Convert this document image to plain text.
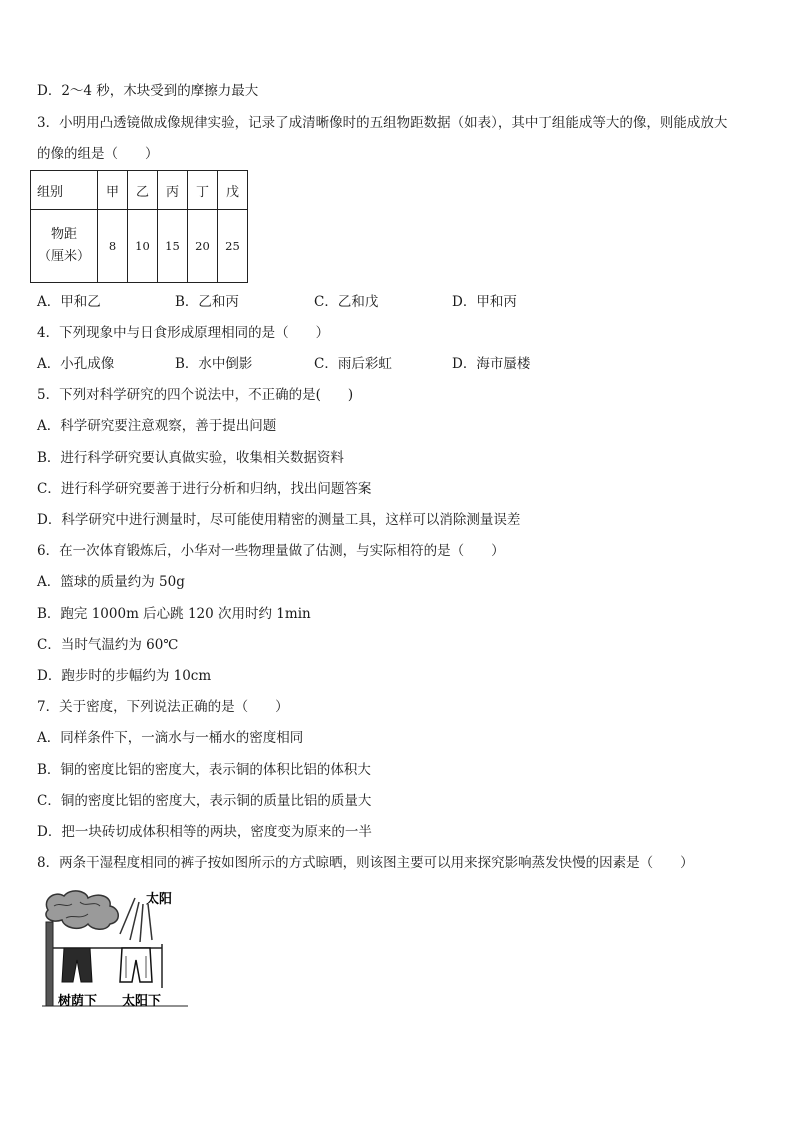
D．2～4 秒，木块受到的摩擦力最大
3．小明用凸透镜做成像规律实验，记录了成清晰像时的五组物距数据（如表），其中丁组能成等大的像，则能成放大
的像的组是（　　）
组别	甲	乙	丙	丁	戊

物距
（厘米）	8	10	15	20	25
A．甲和乙	B．乙和丙	C．乙和戊	D．甲和丙
4．下列现象中与日食形成原理相同的是（　　）
A．小孔成像	B．水中倒影	C．雨后彩虹	D．海市蜃楼
5．下列对科学研究的四个说法中，不正确的是(　　)
A．科学研究要注意观察，善于提出问题
B．进行科学研究要认真做实验，收集相关数据资料
C．进行科学研究要善于进行分析和归纳，找出问题答案
D．科学研究中进行测量时，尽可能使用精密的测量工具，这样可以消除测量误差
6．在一次体育锻炼后，小华对一些物理量做了估测，与实际相符的是（　　）
A．篮球的质量约为 50g
B．跑完 1000m 后心跳 120 次用时约 1min
C．当时气温约为 60℃
D．跑步时的步幅约为 10cm
7．关于密度，下列说法正确的是（　　）
A．同样条件下，一滴水与一桶水的密度相同
B．铜的密度比铝的密度大，表示铜的体积比铝的体积大
C．铜的密度比铝的密度大，表示铜的质量比铝的质量大
D．把一块砖切成体积相等的两块，密度变为原来的一半
8．两条干湿程度相同的裤子按如图所示的方式晾晒，则该图主要可以用来探究影响蒸发快慢的因素是（　　）
太阳
树荫下 太阳下
